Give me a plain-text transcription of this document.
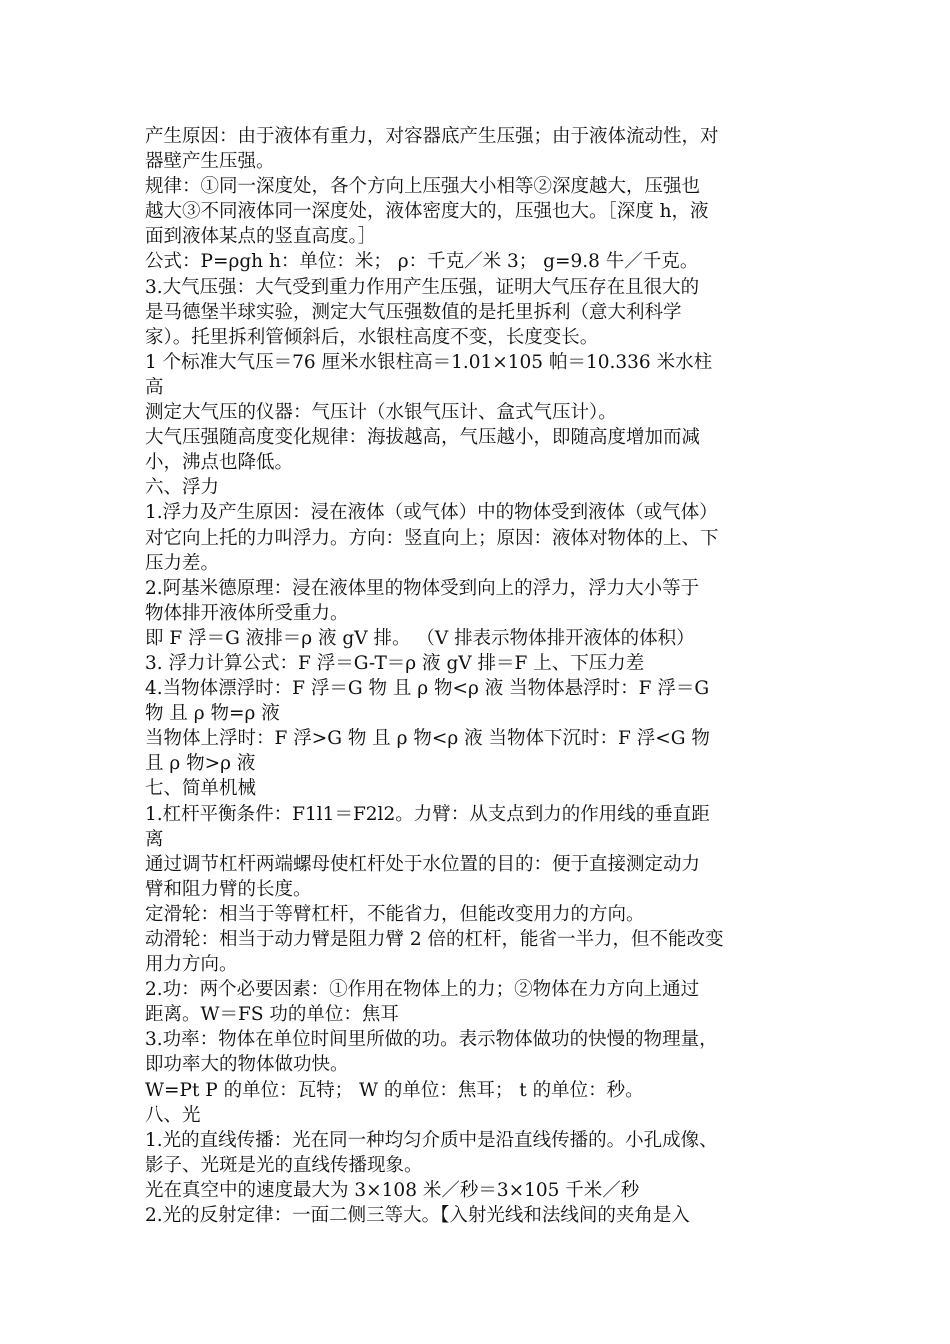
产生原因：由于液体有重力，对容器底产生压强；由于液体流动性，对

器壁产生压强。

规律：①同一深度处，各个方向上压强大小相等②深度越大，压强也

越大③不同液体同一深度处，液体密度大的，压强也大。［深度 h，液

面到液体某点的竖直高度。］

公式：P=ρgh h：单位：米； ρ：千克／米 3； g=9.8 牛／千克。

3.大气压强：大气受到重力作用产生压强，证明大气压存在且很大的

是马德堡半球实验，测定大气压强数值的是托里拆利（意大利科学

家）。托里拆利管倾斜后，水银柱高度不变，长度变长。

1 个标准大气压＝76 厘米水银柱高＝1.01×105 帕＝10.336 米水柱

高

测定大气压的仪器：气压计（水银气压计、盒式气压计）。

大气压强随高度变化规律：海拔越高，气压越小，即随高度增加而减

小，沸点也降低。

六、浮力

1.浮力及产生原因：浸在液体（或气体）中的物体受到液体（或气体）

对它向上托的力叫浮力。方向：竖直向上；原因：液体对物体的上、下

压力差。

2.阿基米德原理：浸在液体里的物体受到向上的浮力，浮力大小等于

物体排开液体所受重力。

即 F 浮＝G 液排＝ρ 液 gV 排。 （V 排表示物体排开液体的体积）

3. 浮力计算公式：F 浮＝G-T＝ρ 液 gV 排＝F 上、下压力差

4.当物体漂浮时：F 浮＝G 物 且 ρ 物<ρ 液 当物体悬浮时：F 浮＝G

物 且 ρ 物=ρ 液

当物体上浮时：F 浮>G 物 且 ρ 物<ρ 液 当物体下沉时：F 浮<G 物

且 ρ 物>ρ 液

七、简单机械

1.杠杆平衡条件：F1l1＝F2l2。力臂：从支点到力的作用线的垂直距

离

通过调节杠杆两端螺母使杠杆处于水位置的目的：便于直接测定动力

臂和阻力臂的长度。

定滑轮：相当于等臂杠杆，不能省力，但能改变用力的方向。

动滑轮：相当于动力臂是阻力臂 2 倍的杠杆，能省一半力，但不能改变

用力方向。

2.功：两个必要因素：①作用在物体上的力；②物体在力方向上通过

距离。W＝FS 功的单位：焦耳

3.功率：物体在单位时间里所做的功。表示物体做功的快慢的物理量，

即功率大的物体做功快。

W=Pt P 的单位：瓦特； W 的单位：焦耳； t 的单位：秒。

八、光

1.光的直线传播：光在同一种均匀介质中是沿直线传播的。小孔成像、

影子、光斑是光的直线传播现象。

光在真空中的速度最大为 3×108 米／秒＝3×105 千米／秒

2.光的反射定律：一面二侧三等大。【入射光线和法线间的夹角是入
